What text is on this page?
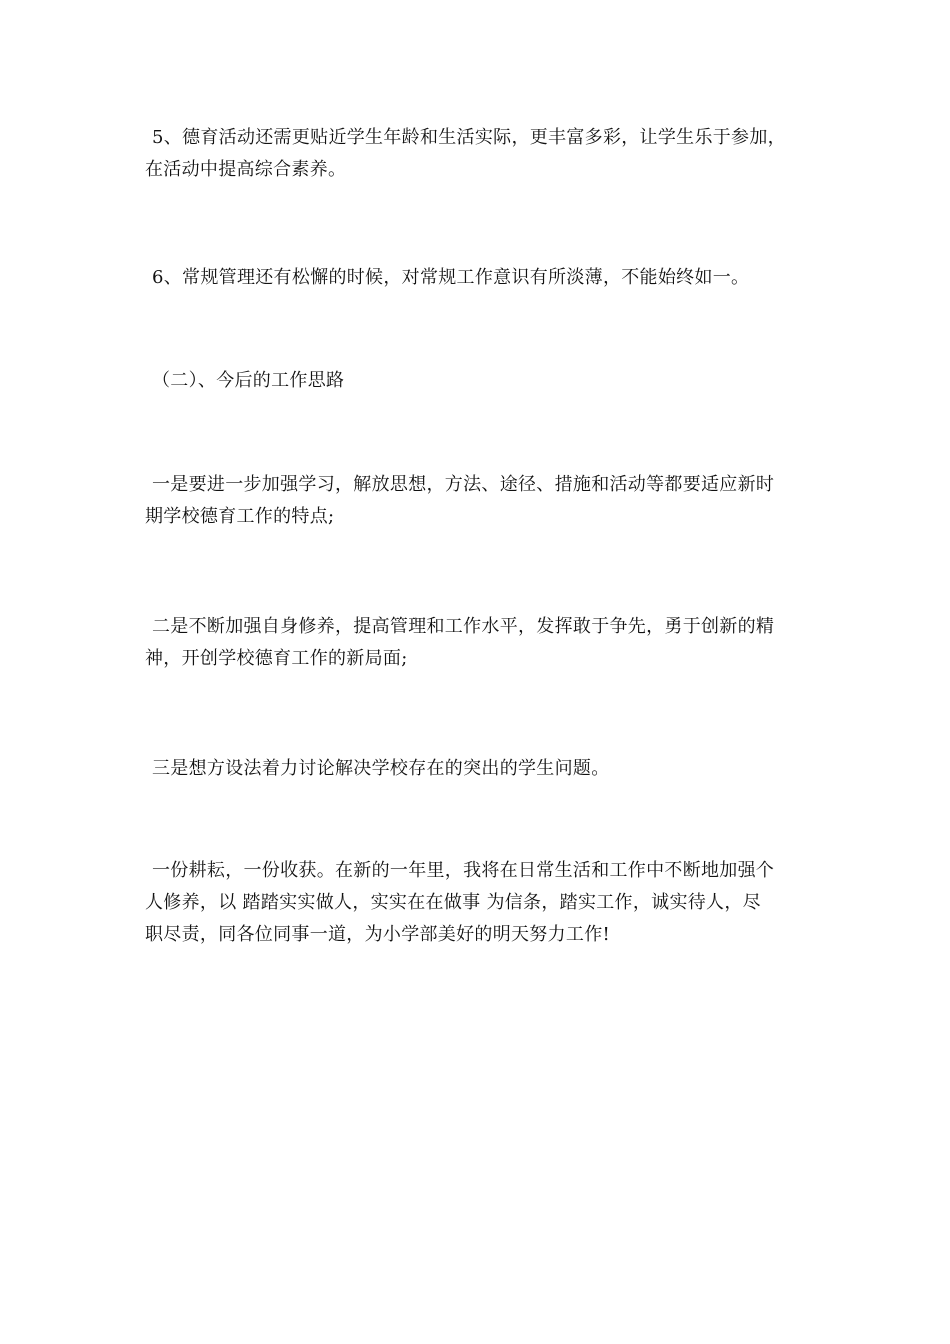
5、德育活动还需更贴近学生年龄和生活实际，更丰富多彩，让学生乐于参加，
在活动中提高综合素养。

6、常规管理还有松懈的时候，对常规工作意识有所淡薄，不能始终如一。

（二）、今后的工作思路

一是要进一步加强学习，解放思想，方法、途径、措施和活动等都要适应新时
期学校德育工作的特点;

二是不断加强自身修养，提高管理和工作水平，发挥敢于争先，勇于创新的精
神，开创学校德育工作的新局面;

三是想方设法着力讨论解决学校存在的突出的学生问题。

一份耕耘，一份收获。在新的一年里，我将在日常生活和工作中不断地加强个
人修养，以 踏踏实实做人，实实在在做事 为信条，踏实工作，诚实待人，尽
职尽责，同各位同事一道，为小学部美好的明天努力工作!
